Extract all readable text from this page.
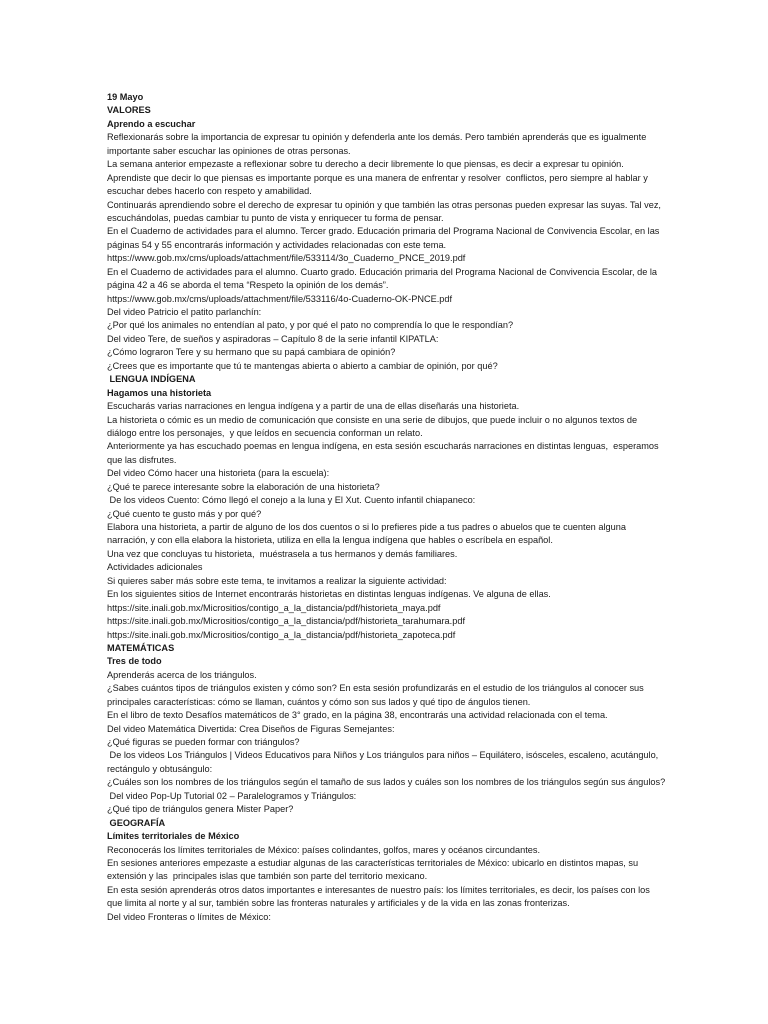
19 Mayo
VALORES
Aprendo a escuchar
Reflexionarás sobre la importancia de expresar tu opinión y defenderla ante los demás. Pero también aprenderás que es igualmente
importante saber escuchar las opiniones de otras personas.
La semana anterior empezaste a reflexionar sobre tu derecho a decir libremente lo que piensas, es decir a expresar tu opinión.
Aprendiste que decir lo que piensas es importante porque es una manera de enfrentar y resolver  conflictos, pero siempre al hablar y
escuchar debes hacerlo con respeto y amabilidad.
Continuarás aprendiendo sobre el derecho de expresar tu opinión y que también las otras personas pueden expresar las suyas. Tal vez,
escuchándolas, puedas cambiar tu punto de vista y enriquecer tu forma de pensar.
En el Cuaderno de actividades para el alumno. Tercer grado. Educación primaria del Programa Nacional de Convivencia Escolar, en las
páginas 54 y 55 encontrarás información y actividades relacionadas con este tema.
https://www.gob.mx/cms/uploads/attachment/file/533114/3o_Cuaderno_PNCE_2019.pdf
En el Cuaderno de actividades para el alumno. Cuarto grado. Educación primaria del Programa Nacional de Convivencia Escolar, de la
página 42 a 46 se aborda el tema “Respeto la opinión de los demás”.
https://www.gob.mx/cms/uploads/attachment/file/533116/4o-Cuaderno-OK-PNCE.pdf
Del video Patricio el patito parlanchín:
¿Por qué los animales no entendían al pato, y por qué el pato no comprendía lo que le respondían?
Del video Tere, de sueños y aspiradoras – Capítulo 8 de la serie infantil KIPATLA:
¿Cómo lograron Tere y su hermano que su papá cambiara de opinión?
¿Crees que es importante que tú te mantengas abierta o abierto a cambiar de opinión, por qué?
LENGUA INDÍGENA
Hagamos una historieta
Escucharás varias narraciones en lengua indígena y a partir de una de ellas diseñarás una historieta.
La historieta o cómic es un medio de comunicación que consiste en una serie de dibujos, que puede incluir o no algunos textos de
diálogo entre los personajes,  y que leídos en secuencia conforman un relato.
Anteriormente ya has escuchado poemas en lengua indígena, en esta sesión escucharás narraciones en distintas lenguas,  esperamos
que las disfrutes.
Del video Cómo hacer una historieta (para la escuela):
¿Qué te parece interesante sobre la elaboración de una historieta?
De los videos Cuento: Cómo llegó el conejo a la luna y El Xut. Cuento infantil chiapaneco:
¿Qué cuento te gusto más y por qué?
Elabora una historieta, a partir de alguno de los dos cuentos o si lo prefieres pide a tus padres o abuelos que te cuenten alguna
narración, y con ella elabora la historieta, utiliza en ella la lengua indígena que hables o escríbela en español.
Una vez que concluyas tu historieta,  muéstrasela a tus hermanos y demás familiares.
Actividades adicionales
Si quieres saber más sobre este tema, te invitamos a realizar la siguiente actividad:
En los siguientes sitios de Internet encontrarás historietas en distintas lenguas indígenas. Ve alguna de ellas.
https://site.inali.gob.mx/Micrositios/contigo_a_la_distancia/pdf/historieta_maya.pdf
https://site.inali.gob.mx/Micrositios/contigo_a_la_distancia/pdf/historieta_tarahumara.pdf
https://site.inali.gob.mx/Micrositios/contigo_a_la_distancia/pdf/historieta_zapoteca.pdf
MATEMÁTICAS
Tres de todo
Aprenderás acerca de los triángulos.
¿Sabes cuántos tipos de triángulos existen y cómo son? En esta sesión profundizarás en el estudio de los triángulos al conocer sus
principales características: cómo se llaman, cuántos y cómo son sus lados y qué tipo de ángulos tienen.
En el libro de texto Desafíos matemáticos de 3° grado, en la página 38, encontrarás una actividad relacionada con el tema.
Del video Matemática Divertida: Crea Diseños de Figuras Semejantes:
¿Qué figuras se pueden formar con triángulos?
De los videos Los Triángulos | Videos Educativos para Niños y Los triángulos para niños – Equilátero, isósceles, escaleno, acutángulo,
rectángulo y obtusángulo:
¿Cuáles son los nombres de los triángulos según el tamaño de sus lados y cuáles son los nombres de los triángulos según sus ángulos?
Del video Pop-Up Tutorial 02 – Paralelogramos y Triángulos:
¿Qué tipo de triángulos genera Mister Paper?
GEOGRAFÍA
Límites territoriales de México
Reconocerás los límites territoriales de México: países colindantes, golfos, mares y océanos circundantes.
En sesiones anteriores empezaste a estudiar algunas de las características territoriales de México: ubicarlo en distintos mapas, su
extensión y las  principales islas que también son parte del territorio mexicano.
En esta sesión aprenderás otros datos importantes e interesantes de nuestro país: los límites territoriales, es decir, los países con los
que limita al norte y al sur, también sobre las fronteras naturales y artificiales y de la vida en las zonas fronterizas.
Del video Fronteras o límites de México:
